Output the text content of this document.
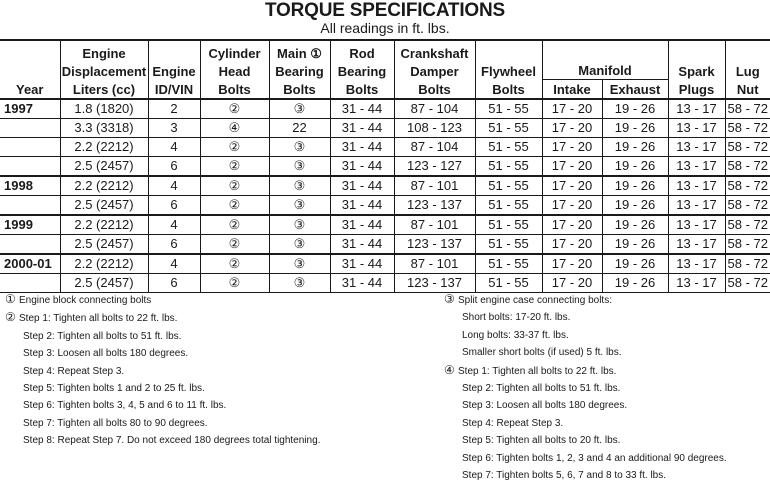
TORQUE SPECIFICATIONS
All readings in ft. lbs.
	Engine		Cylinder	Main ①	Rod	Crankshaft					
	Displacement	Engine	Head	Bearing	Bearing	Damper	Flywheel	Manifold		Spark	Lug
Year	Liters (cc)	ID/VIN	Bolts	Bolts	Bolts	Bolts	Bolts	Intake	Exhaust	Plugs	Nut
1997	1.8 (1820)	2	②	③	31 - 44	87 - 104	51 - 55	17 - 20	19 - 26	13 - 17	58 - 72
	3.3 (3318)	3	④	22	31 - 44	108 - 123	51 - 55	17 - 20	19 - 26	13 - 17	58 - 72
	2.2 (2212)	4	②	③	31 - 44	87 - 104	51 - 55	17 - 20	19 - 26	13 - 17	58 - 72
	2.5 (2457)	6	②	③	31 - 44	123 - 127	51 - 55	17 - 20	19 - 26	13 - 17	58 - 72
1998	2.2 (2212)	4	②	③	31 - 44	87 - 101	51 - 55	17 - 20	19 - 26	13 - 17	58 - 72
	2.5 (2457)	6	②	③	31 - 44	123 - 137	51 - 55	17 - 20	19 - 26	13 - 17	58 - 72
1999	2.2 (2212)	4	②	③	31 - 44	87 - 101	51 - 55	17 - 20	19 - 26	13 - 17	58 - 72
	2.5 (2457)	6	②	③	31 - 44	123 - 137	51 - 55	17 - 20	19 - 26	13 - 17	58 - 72
2000-01	2.2 (2212)	4	②	③	31 - 44	87 - 101	51 - 55	17 - 20	19 - 26	13 - 17	58 - 72
	2.5 (2457)	6	②	③	31 - 44	123 - 137	51 - 55	17 - 20	19 - 26	13 - 17	58 - 72
① Engine block connecting bolts
② Step 1: Tighten all bolts to 22 ft. lbs.
Step 2: Tighten all bolts to 51 ft. lbs.
Step 3: Loosen all bolts 180 degrees.
Step 4: Repeat Step 3.
Step 5: Tighten bolts 1 and 2 to 25 ft. lbs.
Step 6: Tighten bolts 3, 4, 5 and 6 to 11 ft. lbs.
Step 7: Tighten all bolts 80 to 90 degrees.
Step 8: Repeat Step 7. Do not exceed 180 degrees total tightening.
③ Split engine case connecting bolts:
Short bolts: 17-20 ft. lbs.
Long bolts: 33-37 ft. lbs.
Smaller short bolts (if used) 5 ft. lbs.
④ Step 1: Tighten all bolts to 22 ft. lbs.
Step 2: Tighten all bolts to 51 ft. lbs.
Step 3: Loosen all bolts 180 degrees.
Step 4: Repeat Step 3.
Step 5: Tighten all bolts to 20 ft. lbs.
Step 6: Tighten bolts 1, 2, 3 and 4 an additional 90 degrees.
Step 7: Tighten bolts 5, 6, 7 and 8 to 33 ft. lbs.
